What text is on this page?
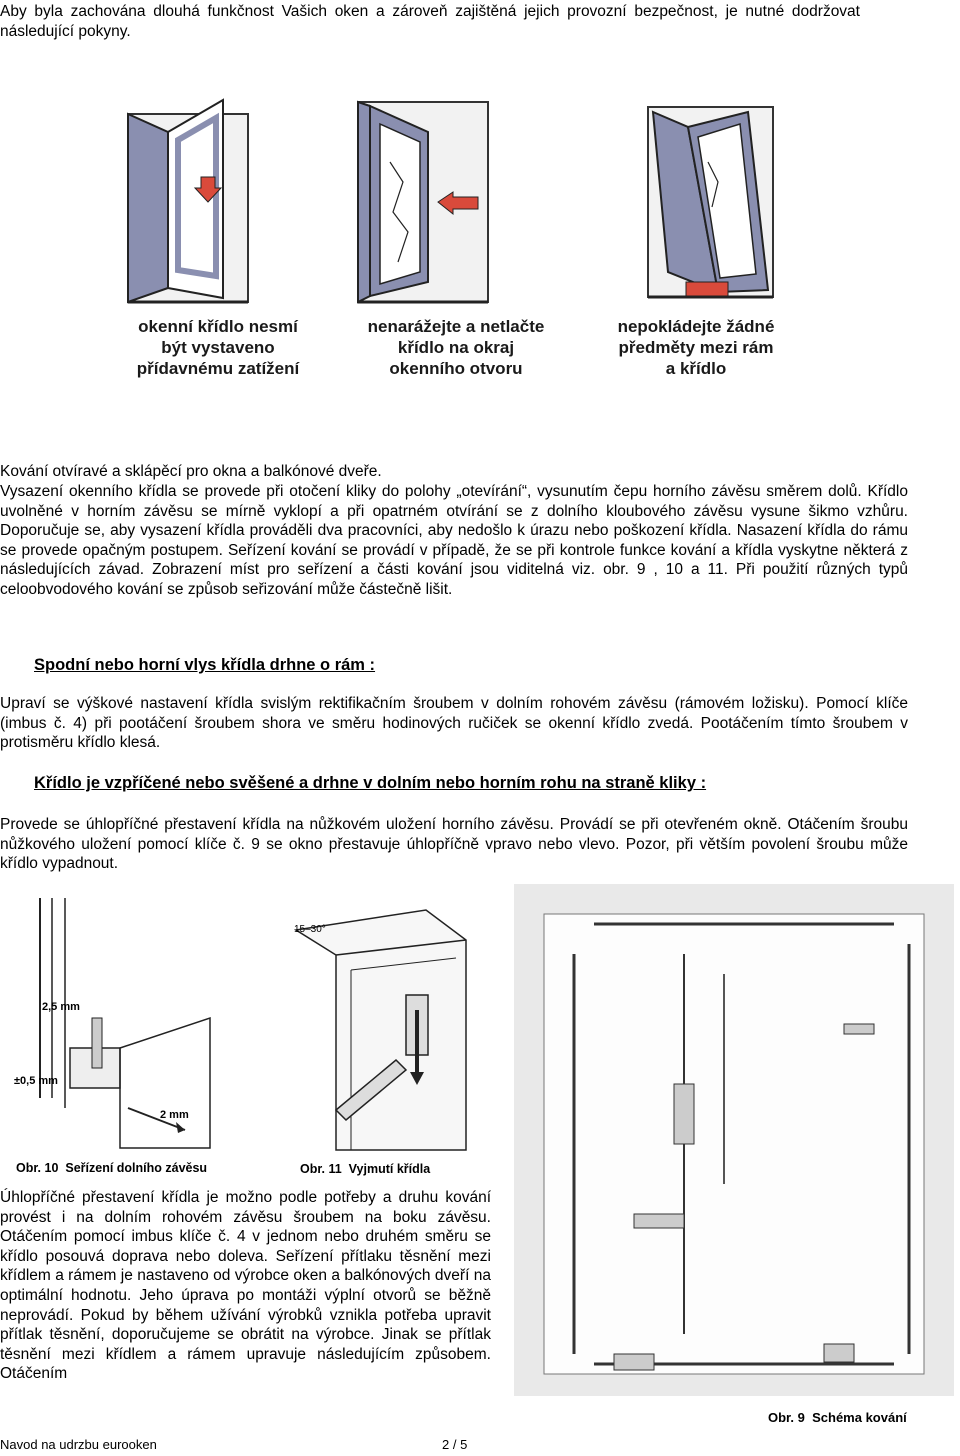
Aby byla zachována dlouhá funkčnost Vašich oken a zároveň zajištěná jejich provozní bezpečnost, je nutné dodržovat následující pokyny.

okenní křídlo nesmí
být vystaveno
přídavnému zatížení
nenarážejte a netlačte
křídlo na okraj
okenního otvoru
nepokládejte žádné
předměty mezi rám
a křídlo

Kování otvíravé a sklápěcí pro okna a balkónové dveře.

Vysazení okenního křídla se provede při otočení kliky do polohy „otevírání“, vysunutím čepu horního závěsu směrem dolů. Křídlo uvolněné v horním závěsu se mírně vyklopí a při opatrném otvírání se z dolního kloubového závěsu vysune šikmo vzhůru. Doporučuje se, aby vysazení křídla prováděli dva pracovníci, aby nedošlo k úrazu nebo poškození křídla. Nasazení křídla do rámu se provede opačným postupem. Seřízení kování se provádí v případě, že se při kontrole funkce kování a křídla vyskytne některá z následujících závad. Zobrazení míst pro seřízení a části kování jsou viditelná viz. obr. 9 , 10 a 11. Při použití různých typů celoobvodového kování se způsob seřizování může částečně lišit.

Spodní nebo horní vlys křídla drhne o rám :

Upraví se výškové nastavení křídla svislým rektifikačním šroubem v dolním rohovém závěsu (rámovém ložisku). Pomocí klíče (imbus č. 4) při pootáčení šroubem shora ve směru hodinových ručiček se okenní křídlo zvedá. Pootáčením tímto šroubem v protisměru křídlo klesá.

Křídlo je vzpříčené nebo svěšené a drhne v dolním nebo horním rohu na straně kliky :

Provede se úhlopříčné přestavení křídla na nůžkovém uložení horního závěsu. Provádí se při otevřeném okně. Otáčením šroubu nůžkového uložení pomocí klíče č. 9 se okno přestavuje úhlopříčně vpravo nebo vlevo. Pozor, při větším povolení šroubu může křídlo vypadnout.

2,5 mm
±0,5 mm
2 mm
Obr. 10 Seřízení dolního závěsu
15–30°
Obr. 11 Vyjmutí křídla
Obr. 9 Schéma kování

Úhlopříčné přestavení křídla je možno podle potřeby a druhu kování provést i na dolním rohovém závěsu šroubem na boku závěsu. Otáčením pomocí imbus klíče č. 4 v jednom nebo druhém směru se křídlo posouvá doprava nebo doleva. Seřízení přítlaku těsnění mezi křídlem a rámem je nastaveno od výrobce oken a balkónových dveří na optimální hodnotu. Jeho úprava po montáži výplní otvorů se běžně neprovádí. Pokud by během užívání výrobků vznikla potřeba upravit přítlak těsnění, doporučujeme se obrátit na výrobce. Jinak se přítlak těsnění mezi křídlem a rámem upravuje následujícím způsobem. Otáčením

Navod na udrzbu eurooken	2 / 5
